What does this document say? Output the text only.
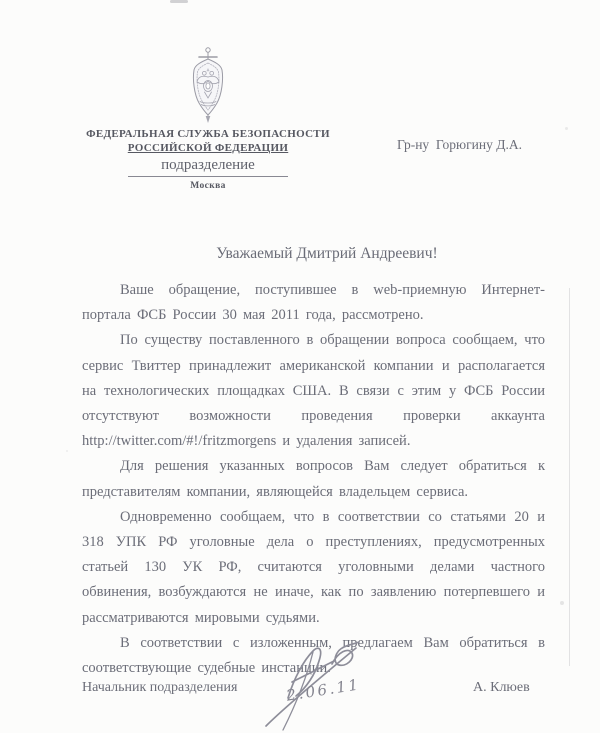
ФЕДЕРАЛЬНАЯ СЛУЖБА БЕЗОПАСНОСТИ
РОССИЙСКОЙ ФЕДЕРАЦИИ
подразделение
Москва
Гр-ну  Горюгину Д.А.
Уважаемый Дмитрий Андреевич!

Ваше обращение, поступившее в web-приемную Интернет-портала ФСБ России 30 мая 2011 года, рассмотрено.

По существу поставленного в обращении вопроса сообщаем, что сервис Твиттер принадлежит американской компании и располагается на технологических площадках США. В связи с этим у ФСБ России отсутствуют возможности проведения проверки аккаунта http://twitter.com/#!/fritzmorgens и удаления записей.

Для решения указанных вопросов Вам следует обратиться к представителям компании, являющейся владельцем сервиса.

Одновременно сообщаем, что в соответствии со статьями 20 и 318 УПК РФ уголовные дела о преступлениях, предусмотренных статьей 130 УК РФ, считаются уголовными делами частного обвинения, возбуждаются не иначе, как по заявлению потерпевшего и рассматриваются мировыми судьями.

В соответствии с изложенным, предлагаем Вам обратиться в соответствующие судебные инстанции.

Начальник подразделения	2.06.11	А. Клюев
